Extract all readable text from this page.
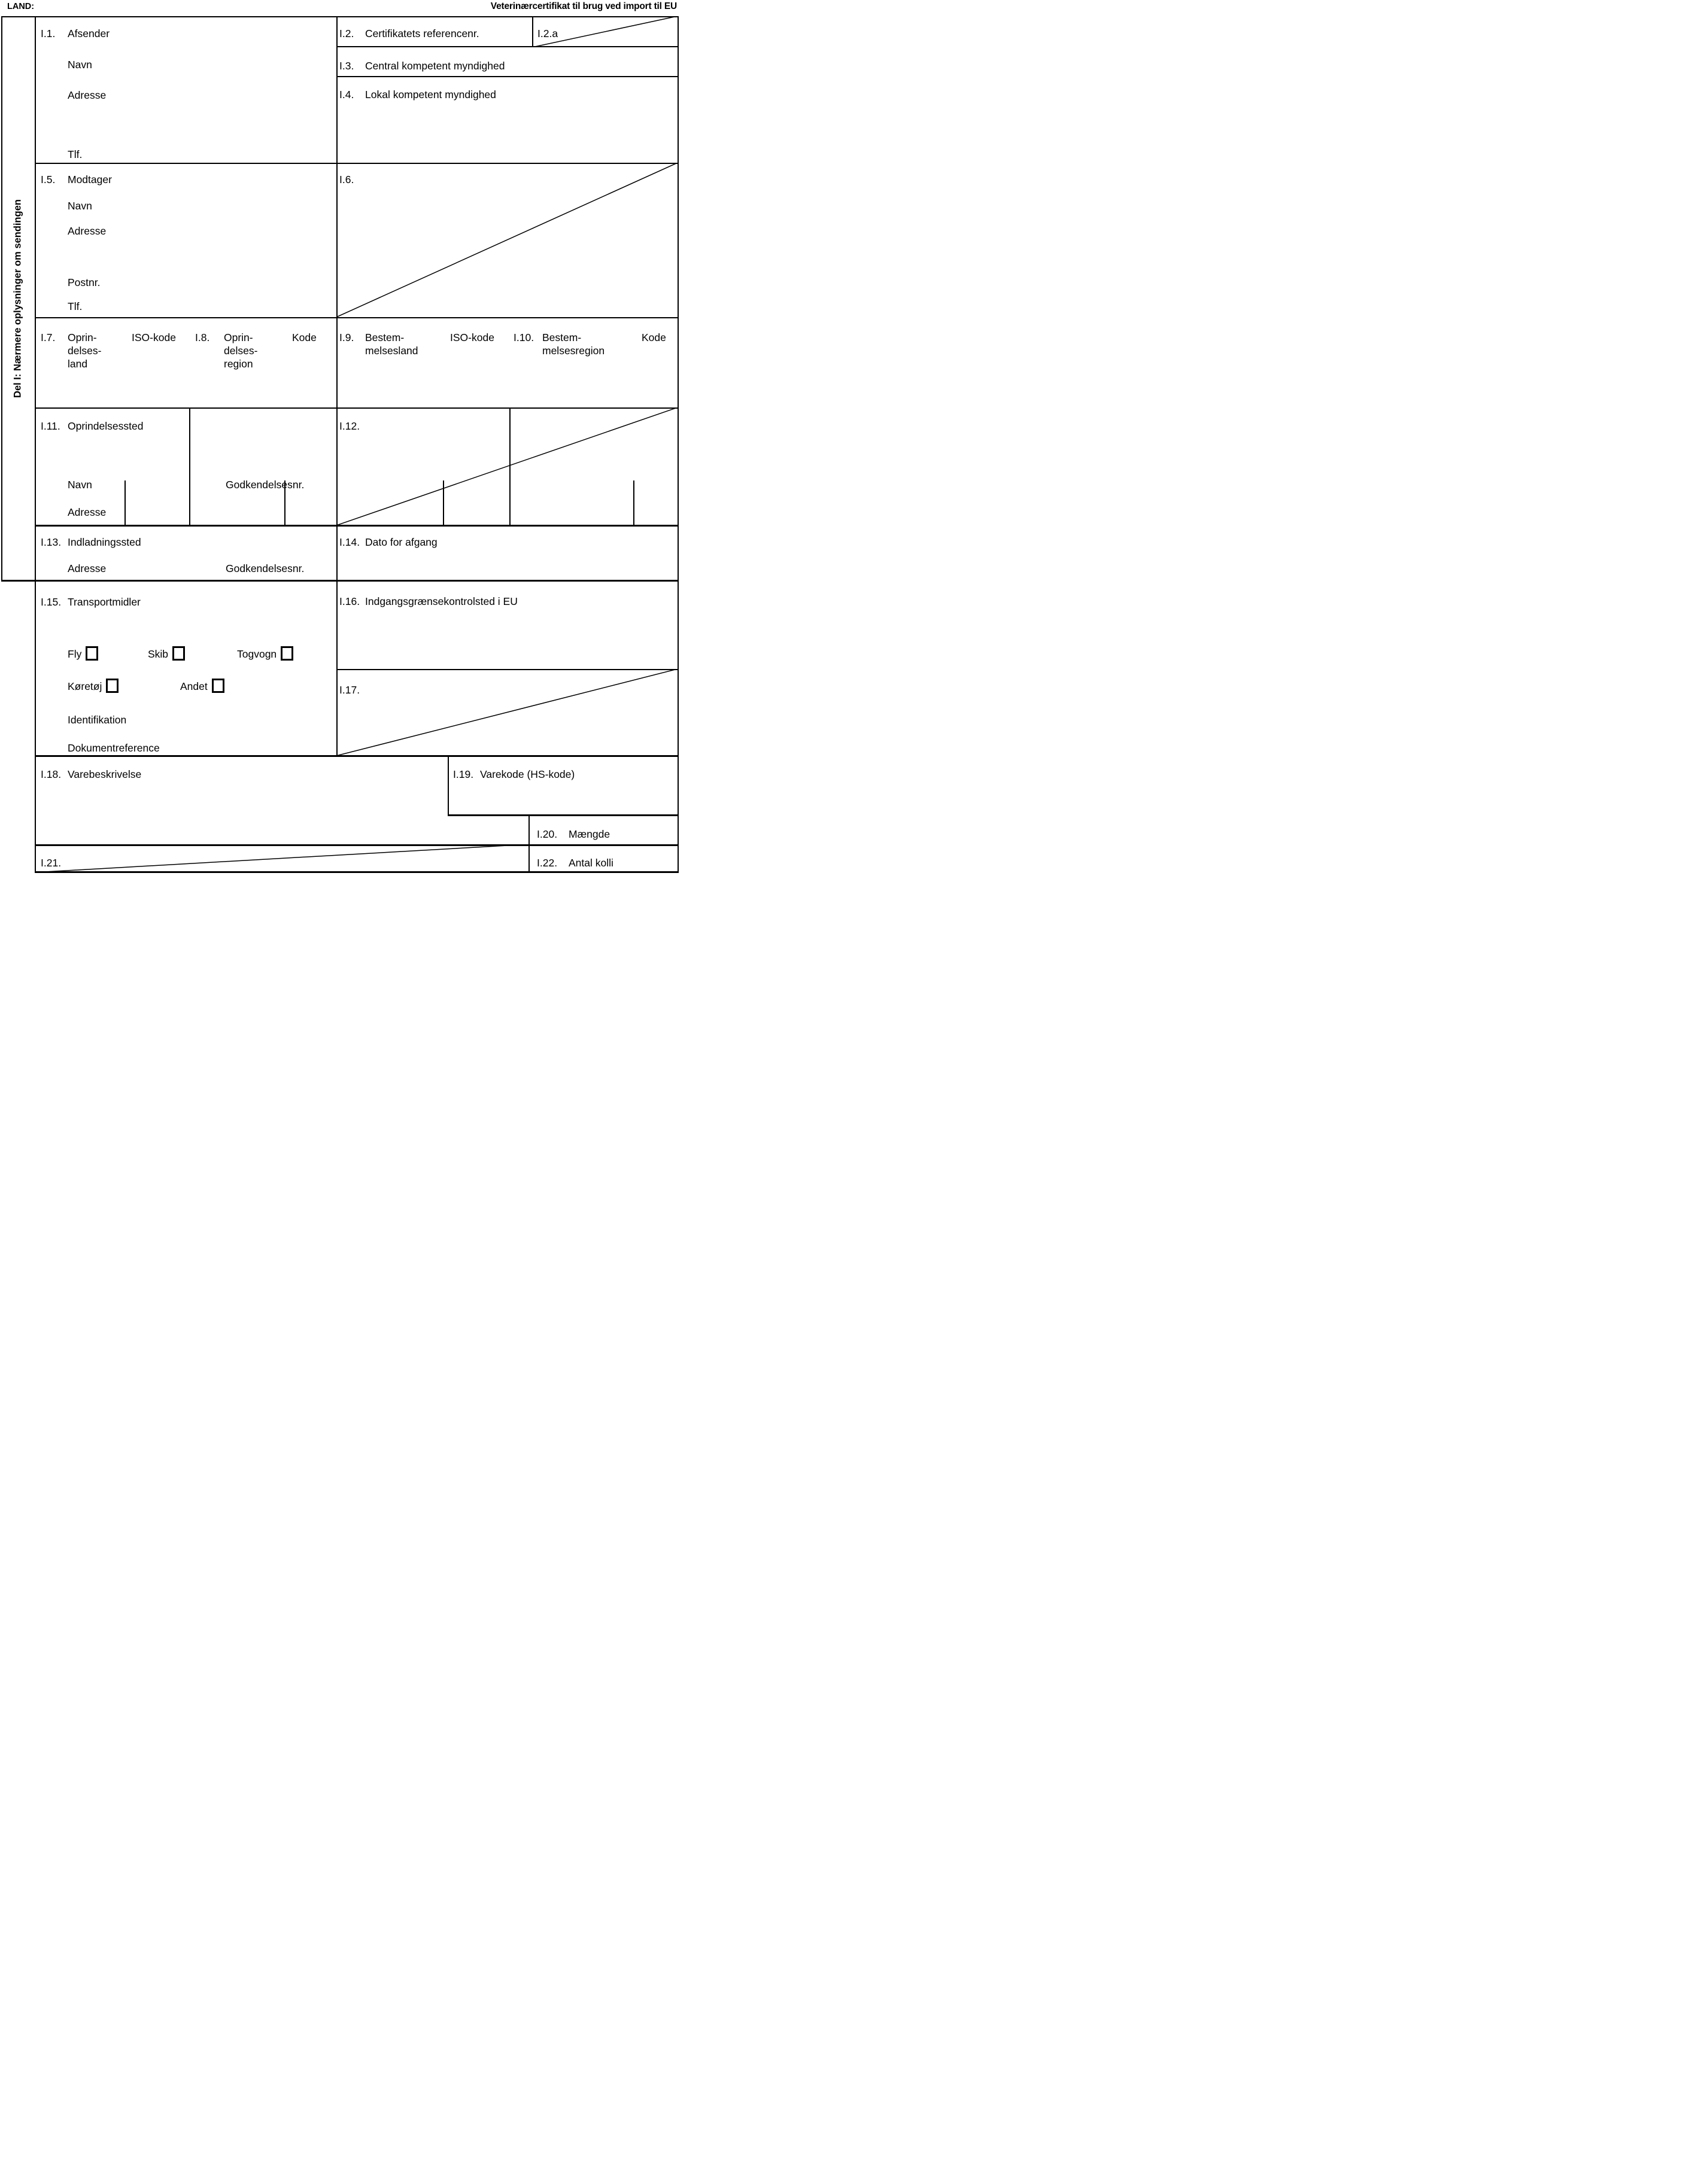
LAND:	Veterinærcertifikat til brug ved import til EU
Del I: Nærmere oplysninger om sendingen
I.1. Afsender
Navn
Adresse
Tlf.
I.2. Certifikatets referencenr.	I.2.a
I.3. Central kompetent myndighed
I.4. Lokal kompetent myndighed
I.5. Modtager
Navn
Adresse
Postnr.
Tlf.
I.6.
I.7. Oprin-
delses-
land
ISO-kode I.8. Oprin-
delses-
region
Kode I.9. Bestem-
melsesland
ISO-kode I.10. Bestem-
melsesregion
Kode
I.11. Oprindelsessted
Navn	Godkendelsesnr.
Adresse
I.12.
I.13. Indladningssted
Adresse	Godkendelsesnr.
I.14. Dato for afgang
I.15. Transportmidler
Fly	Skib	Togvogn
Køretøj	Andet
Identifikation
Dokumentreference
I.16. Indgangsgrænsekontrolsted i EU
I.17.
I.18. Varebeskrivelse	I.19. Varekode (HS-kode)
I.20. Mængde
I.21.	I.22. Antal kolli
